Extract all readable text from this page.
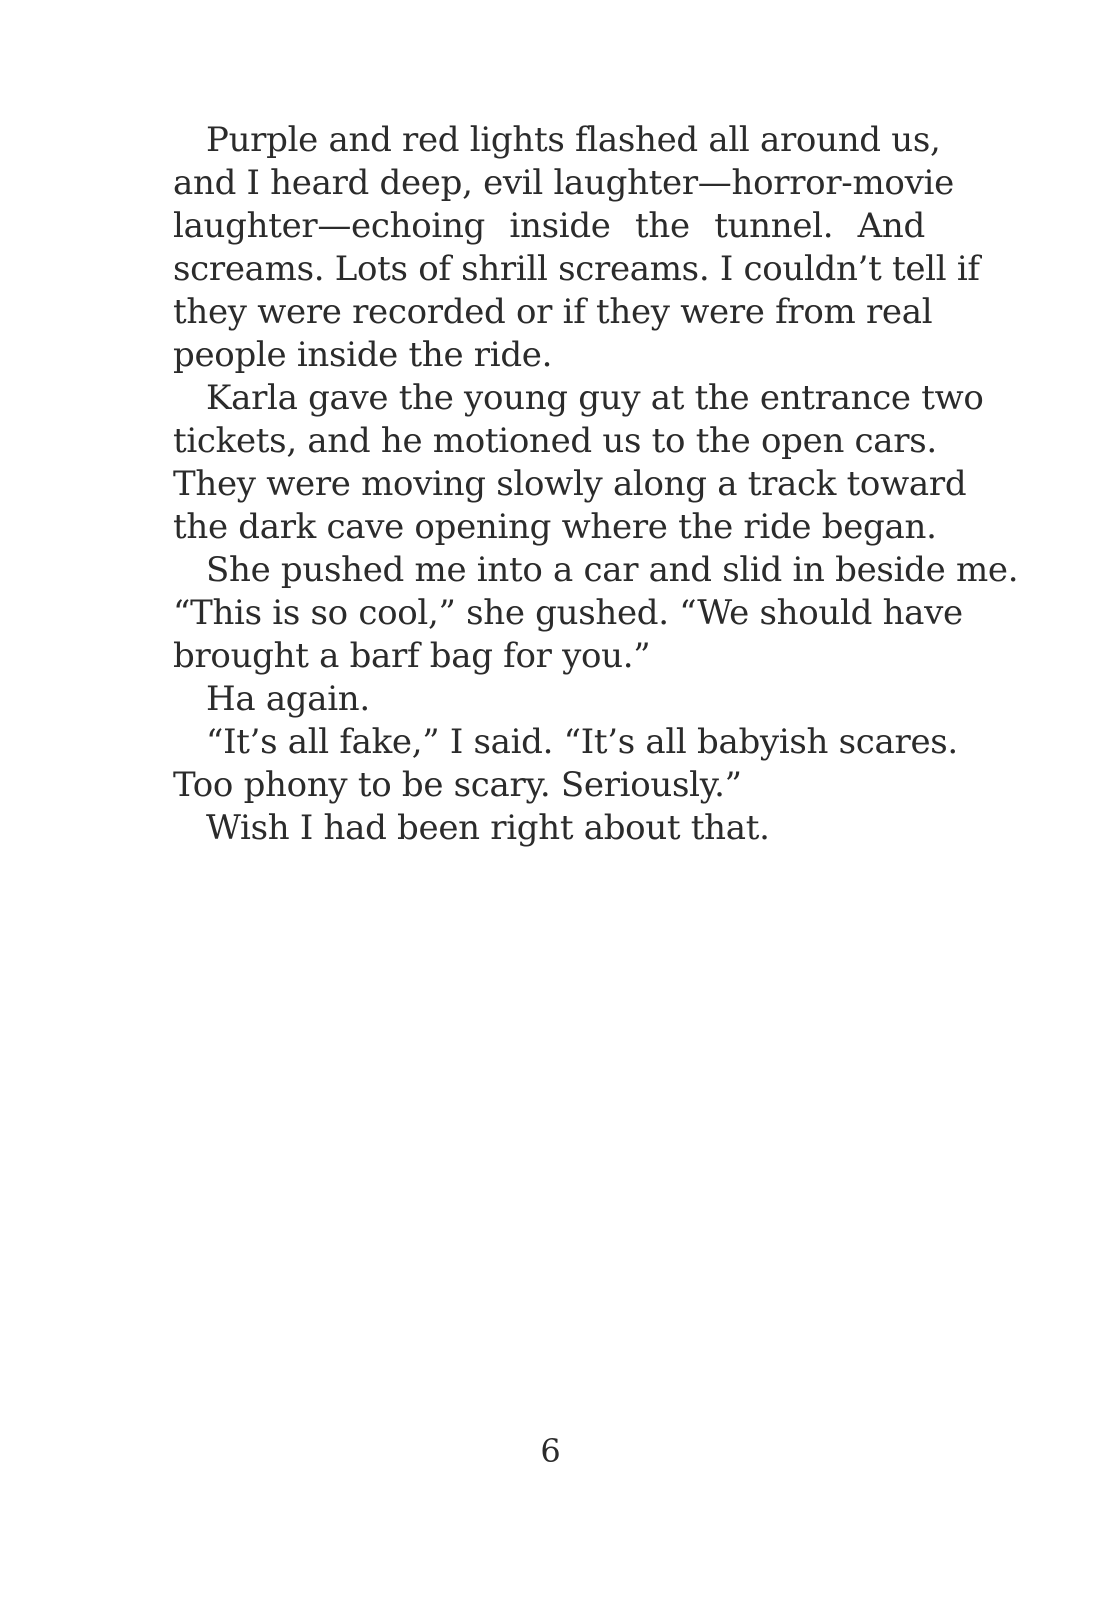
Purple and red lights flashed all around us,
and I heard deep, evil laughter—horror-movie
laughter—echoing inside the tunnel. And
screams. Lots of shrill screams. I couldn’t tell if
they were recorded or if they were from real
people inside the ride.
Karla gave the young guy at the entrance two
tickets, and he motioned us to the open cars.
They were moving slowly along a track toward
the dark cave opening where the ride began.
She pushed me into a car and slid in beside me.
“This is so cool,” she gushed. “We should have
brought a barf bag for you.”
Ha again.
“It’s all fake,” I said. “It’s all babyish scares.
Too phony to be scary. Seriously.”
Wish I had been right about that.
6
